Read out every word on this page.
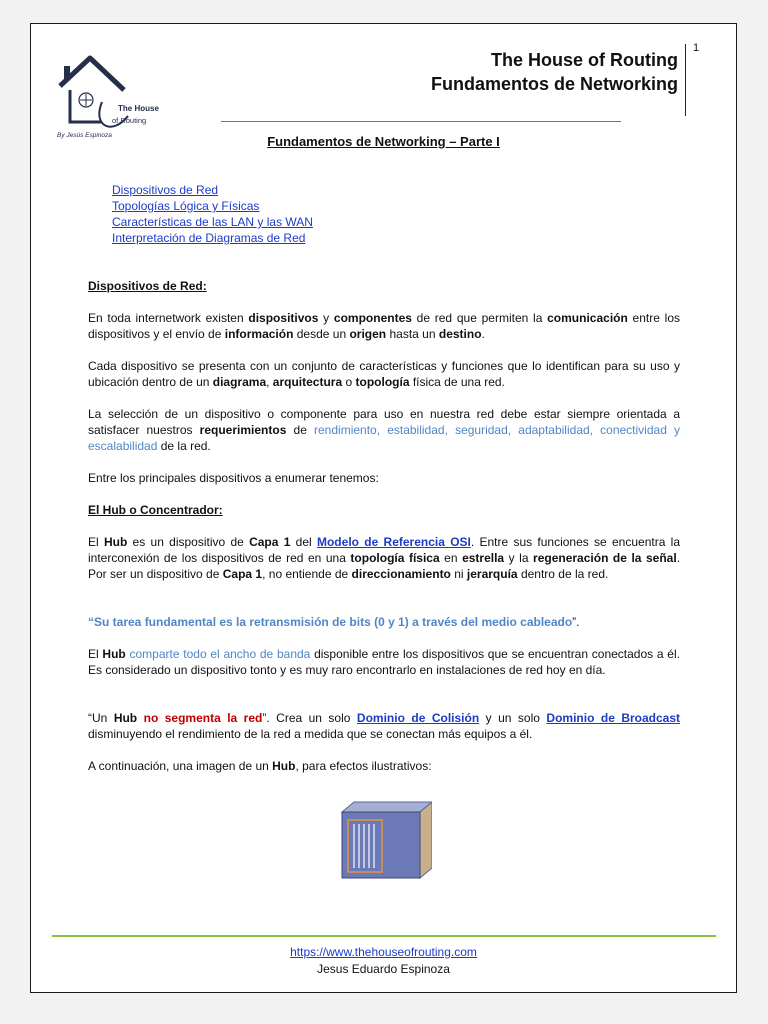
The House
of Routing
By Jesús Espinoza
The House of Routing
Fundamentos de Networking
1
Fundamentos de Networking – Parte I
Dispositivos de Red
Topologías Lógica y Físicas
Características de las LAN y las WAN
Interpretación de Diagramas de Red
Dispositivos de Red:
En toda internetwork existen dispositivos y componentes de red que permiten la comunicación entre los dispositivos y el envío de información desde un origen hasta un destino.
Cada dispositivo se presenta con un conjunto de características y funciones que lo identifican para su uso y ubicación dentro de un diagrama, arquitectura o topología física de una red.
La selección de un dispositivo o componente para uso en nuestra red debe estar siempre orientada a satisfacer nuestros requerimientos de rendimiento, estabilidad, seguridad, adaptabilidad, conectividad y escalabilidad de la red.
Entre los principales dispositivos a enumerar tenemos:
El Hub o Concentrador:
El Hub es un dispositivo de Capa 1 del Modelo de Referencia OSI. Entre sus funciones se encuentra la interconexión de los dispositivos de red en una topología física en estrella y la regeneración de la señal. Por ser un dispositivo de Capa 1, no entiende de direccionamiento ni jerarquía dentro de la red.
“Su tarea fundamental es la retransmisión de bits (0 y 1) a través del medio cableado”.
El Hub comparte todo el ancho de banda disponible entre los dispositivos que se encuentran conectados a él. Es considerado un dispositivo tonto y es muy raro encontrarlo en instalaciones de red hoy en día.
“Un Hub no segmenta la red”. Crea un solo Dominio de Colisión y un solo Dominio de Broadcast disminuyendo el rendimiento de la red a medida que se conectan más equipos a él.
A continuación, una imagen de un Hub, para efectos ilustrativos:
https://www.thehouseofrouting.com
Jesus Eduardo Espinoza
